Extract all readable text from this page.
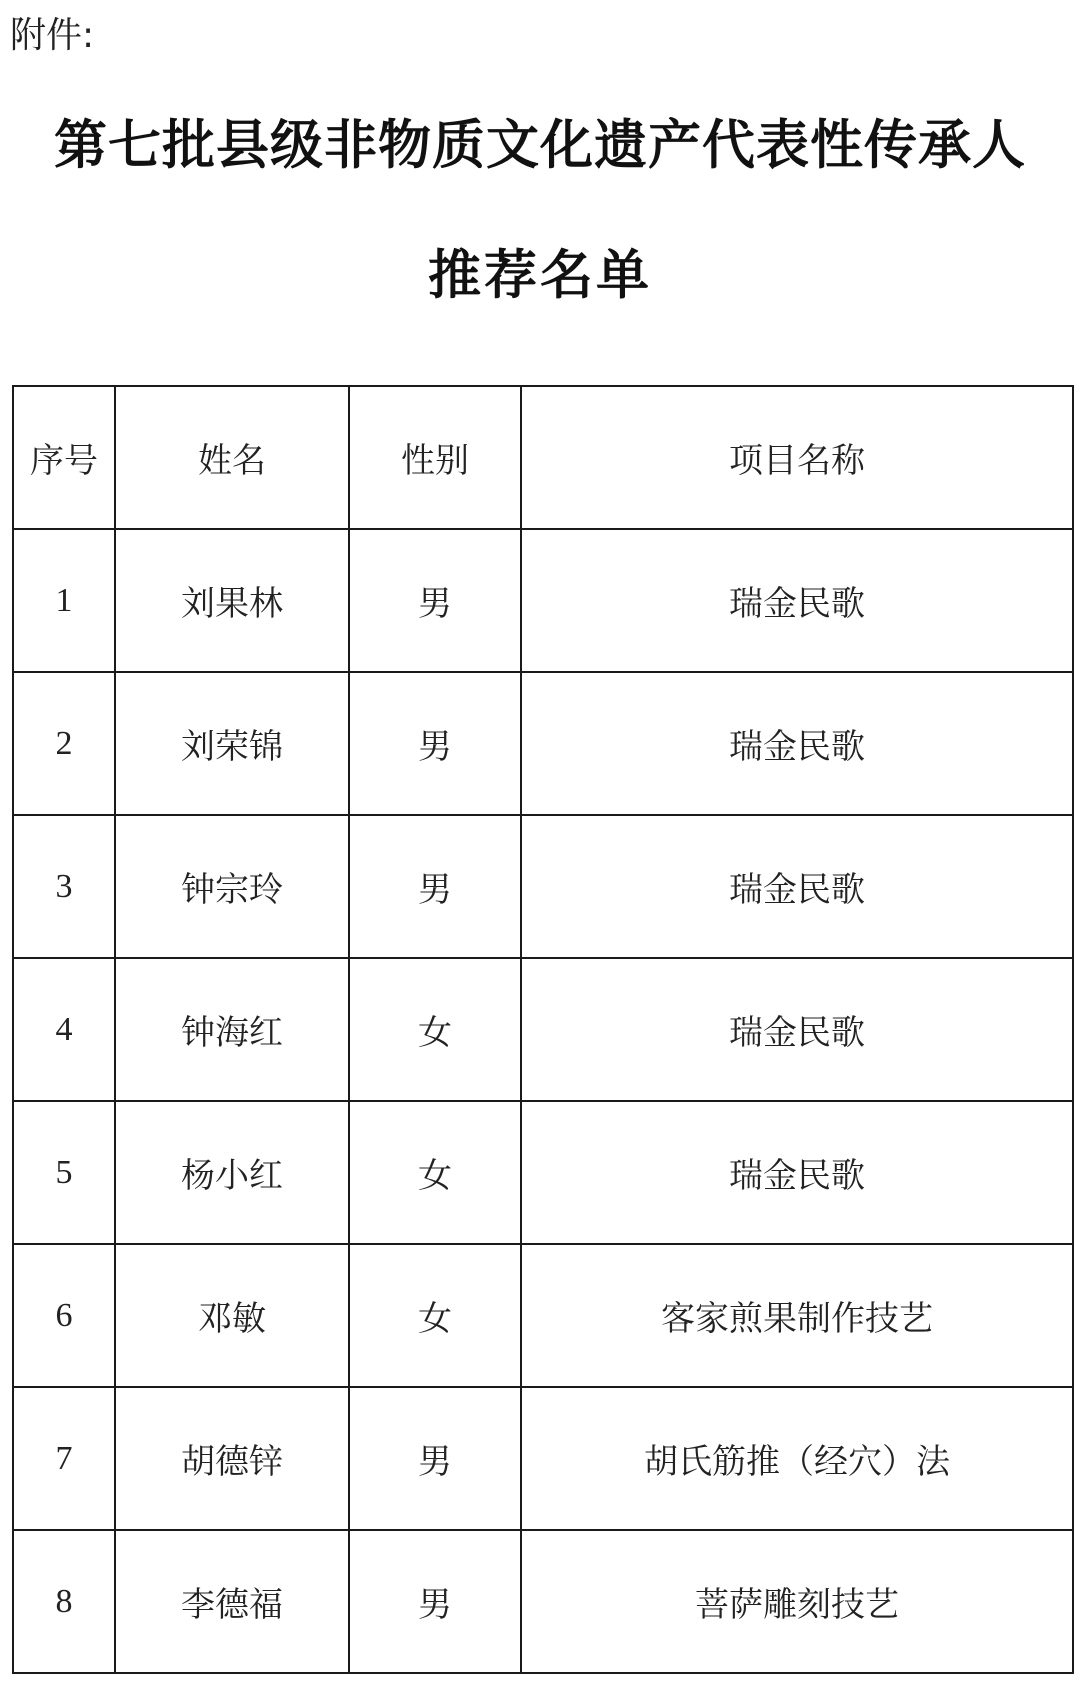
附件:
第七批县级非物质文化遗产代表性传承人
推荐名单
序号	姓名	性别	项目名称
1	刘果林	男	瑞金民歌
2	刘荣锦	男	瑞金民歌
3	钟宗玲	男	瑞金民歌
4	钟海红	女	瑞金民歌
5	杨小红	女	瑞金民歌
6	邓敏	女	客家煎果制作技艺
7	胡德锌	男	胡氏筋推（经穴）法
8	李德福	男	菩萨雕刻技艺
